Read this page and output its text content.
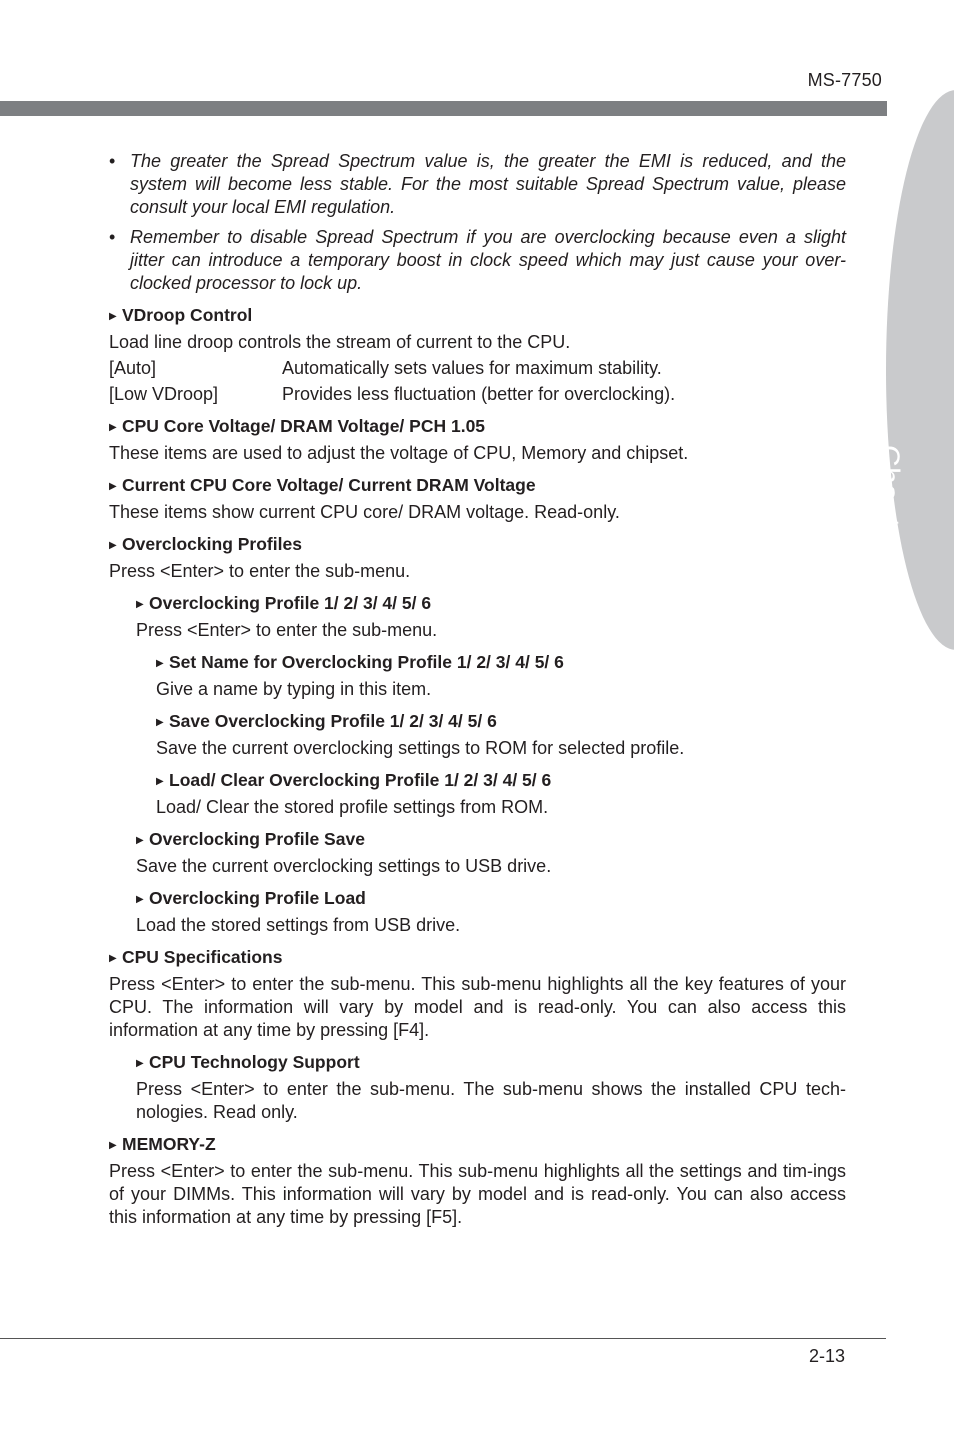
MS-7750
Chapter 2
• The greater the Spread Spectrum value is, the greater the EMI is reduced, and the system will become less stable. For the most suitable Spread Spectrum value, please consult your local EMI regulation.
• Remember to disable Spread Spectrum if you are overclocking because even a slight jitter can introduce a temporary boost in clock speed which may just cause your over-clocked processor to lock up.
▶ VDroop Control
Load line droop controls the stream of current to the CPU.
[Auto]	Automatically sets values for maximum stability.
[Low VDroop]	Provides less fluctuation (better for overclocking).
▶ CPU Core Voltage/ DRAM Voltage/ PCH 1.05
These items are used to adjust the voltage of CPU, Memory and chipset.
▶ Current CPU Core Voltage/ Current DRAM Voltage
These items show current CPU core/ DRAM voltage. Read-only.
▶ Overclocking Profiles
Press <Enter> to enter the sub-menu.
▶ Overclocking Profile 1/ 2/ 3/ 4/ 5/ 6
Press <Enter> to enter the sub-menu.
▶ Set Name for Overclocking Profile 1/ 2/ 3/ 4/ 5/ 6
Give a name by typing in this item.
▶ Save Overclocking Profile 1/ 2/ 3/ 4/ 5/ 6
Save the current overclocking settings to ROM for selected profile.
▶ Load/ Clear Overclocking Profile 1/ 2/ 3/ 4/ 5/ 6
Load/ Clear the stored profile settings from ROM.
▶ Overclocking Profile Save
Save the current overclocking settings to USB drive.
▶ Overclocking Profile Load
Load the stored settings from USB drive.
▶ CPU Specifications
Press <Enter> to enter the sub-menu. This sub-menu highlights all the key features of your CPU. The information will vary by model and is read-only. You can also access this information at any time by pressing [F4].
▶ CPU Technology Support
Press <Enter> to enter the sub-menu. The sub-menu shows the installed CPU tech-nologies. Read only.
▶ MEMORY-Z
Press <Enter> to enter the sub-menu. This sub-menu highlights all the settings and tim-ings of your DIMMs. This information will vary by model and is read-only. You can also access this information at any time by pressing [F5].
2-13
